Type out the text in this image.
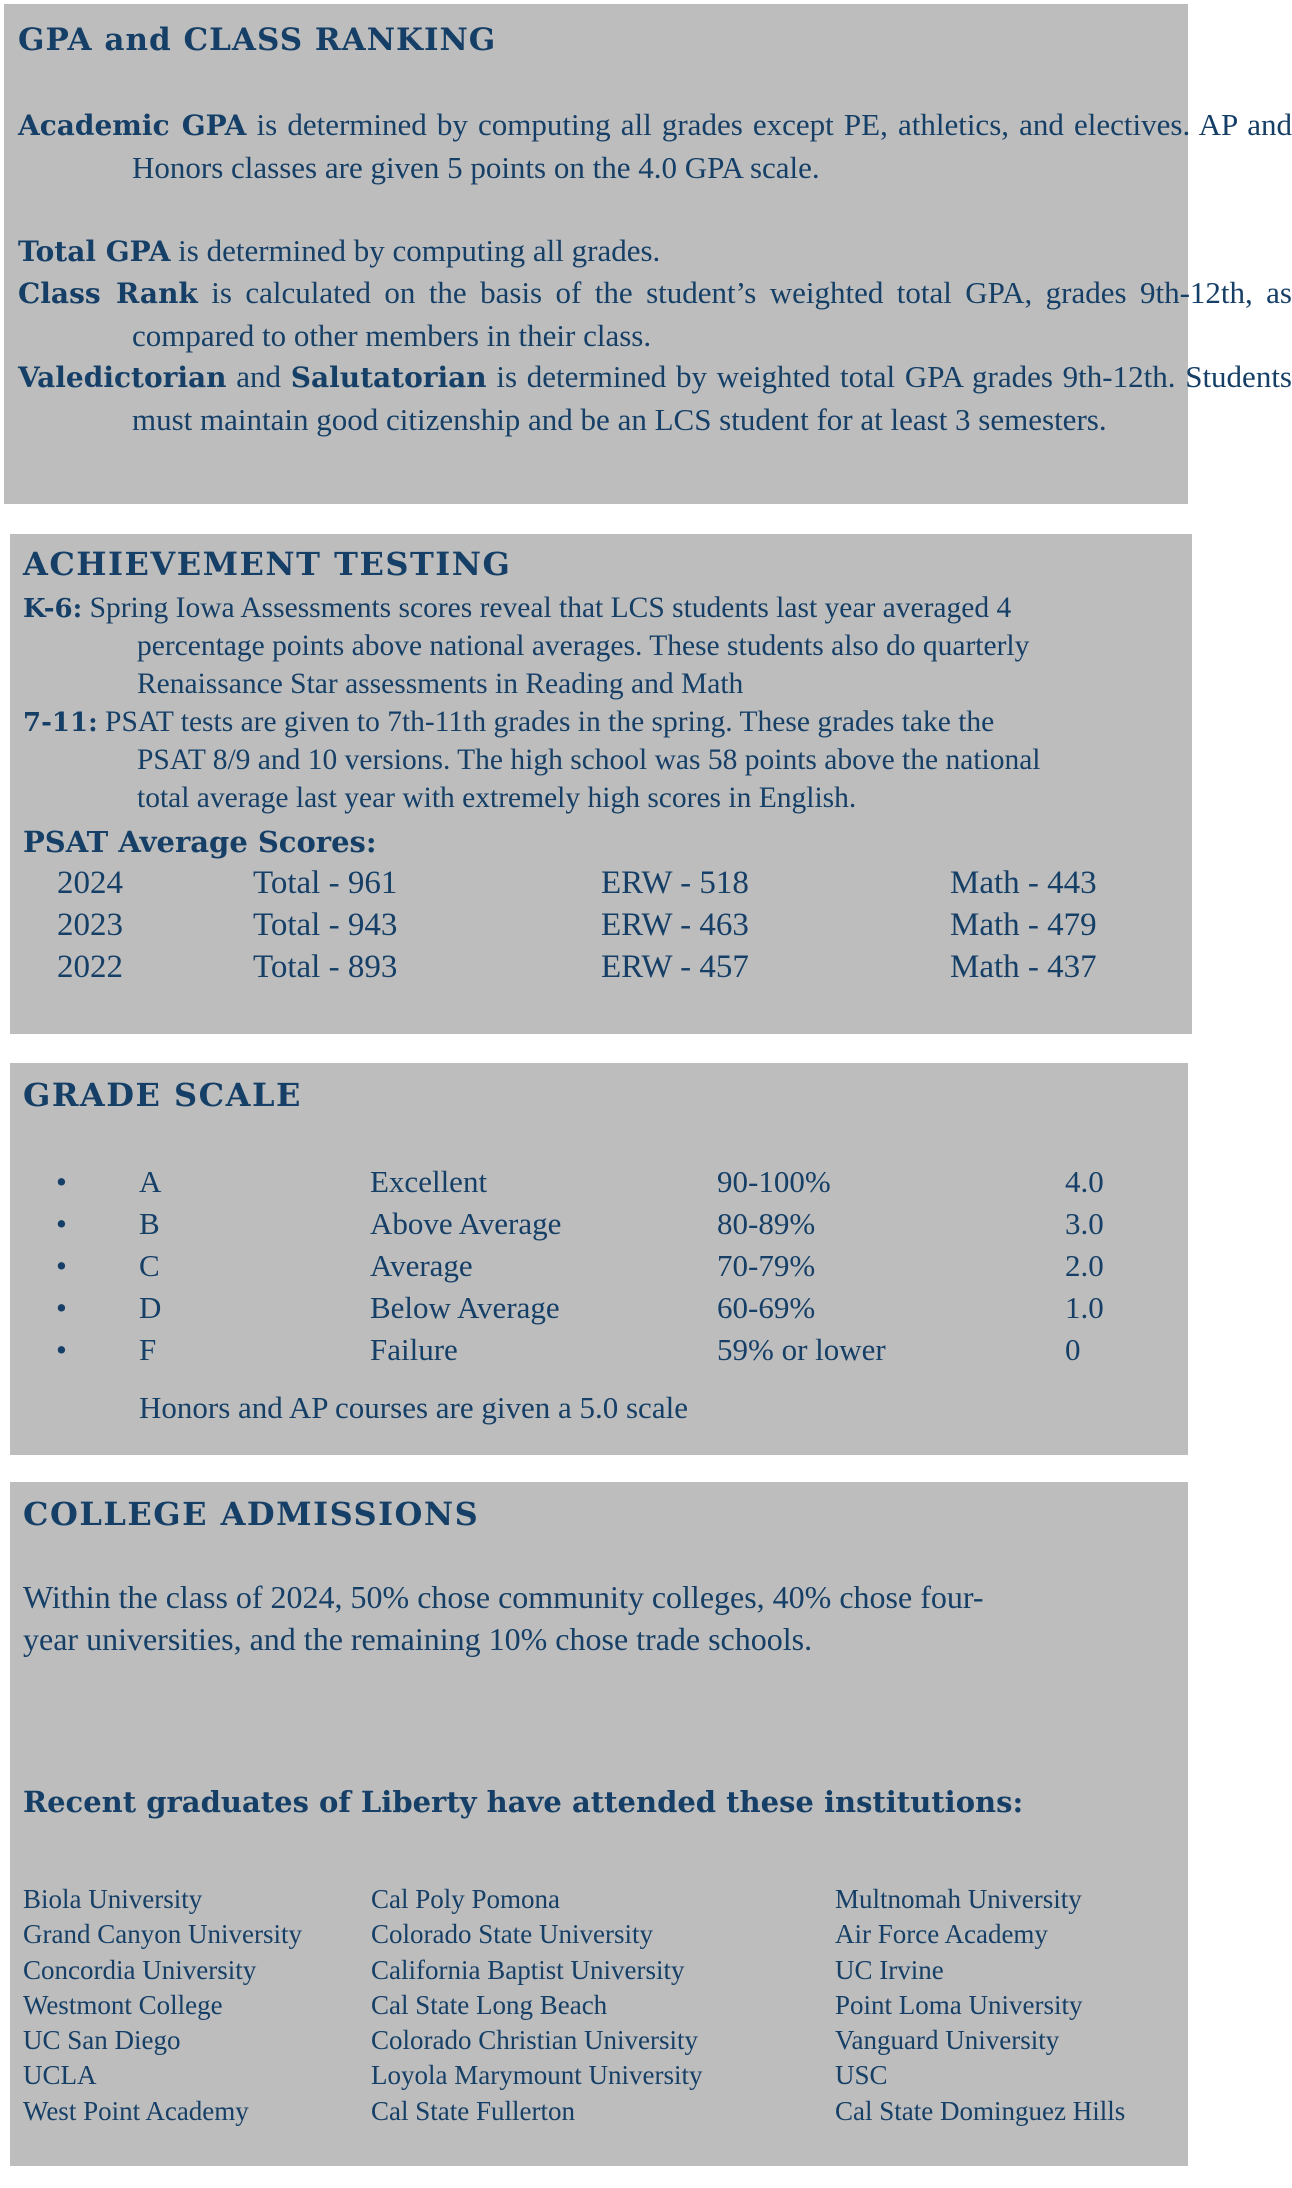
GPA and CLASS RANKING
Academic GPA is determined by computing all grades except PE, athletics, and electives. AP and Honors classes are given 5 points on the 4.0 GPA scale.
Total GPA is determined by computing all grades.
Class Rank is calculated on the basis of the student’s weighted total GPA, grades 9th-12th, as compared to other members in their class.
Valedictorian and Salutatorian is determined by weighted total GPA grades 9th-12th. Students must maintain good citizenship and be an LCS student for at least 3 semesters.
ACHIEVEMENT TESTING
K-6: Spring Iowa Assessments scores reveal that LCS students last year averaged 4
percentage points above national averages. These students also do quarterly
Renaissance Star assessments in Reading and Math
7-11: PSAT tests are given to 7th-11th grades in the spring. These grades take the
PSAT 8/9 and 10 versions. The high school was 58 points above the national
total average last year with extremely high scores in English.
PSAT Average Scores:
2024	Total - 961	ERW - 518	Math - 443
2023	Total - 943	ERW - 463	Math - 479
2022	Total - 893	ERW - 457	Math - 437
GRADE SCALE
• A	Excellent	90-100%	4.0
• B	Above Average	80-89%	3.0
• C	Average	70-79%	2.0
• D	Below Average	60-69%	1.0
• F	Failure	59% or lower	0
Honors and AP courses are given a 5.0 scale
COLLEGE ADMISSIONS
Within the class of 2024, 50% chose community colleges, 40% chose four-
year universities, and the remaining 10% chose trade schools.
Recent graduates of Liberty have attended these institutions:
Biola University
Grand Canyon University
Concordia University
Westmont College
UC San Diego
UCLA
West Point Academy
Cal Poly Pomona
Colorado State University
California Baptist University
Cal State Long Beach
Colorado Christian University
Loyola Marymount University
Cal State Fullerton
Multnomah University
Air Force Academy
UC Irvine
Point Loma University
Vanguard University
USC
Cal State Dominguez Hills
